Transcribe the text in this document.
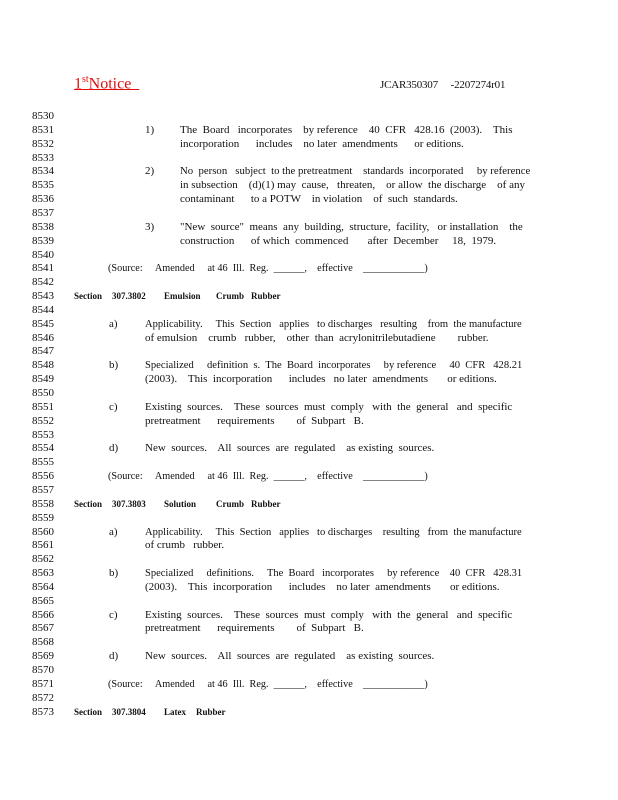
1stNotice	JCAR350307     -2207274r01
8530
8531
8532
8533
8534
8535
8536
8537
8538
8539
8540
8541
8542
8543
8544
8545
8546
8547
8548
8549
8550
8551
8552
8553
8554
8555
8556
8557
8558
8559
8560
8561
8562
8563
8564
8565
8566
8567
8568
8569
8570
8571
8572
8573
1) The  Board   incorporates    by reference    40  CFR   428.16  (2003).    This
incorporation      includes    no later  amendments      or editions.
2) No  person   subject  to the pretreatment    standards  incorporated     by reference
in subsection    (d)(1) may  cause,   threaten,    or allow  the discharge    of any
contaminant      to a POTW    in violation    of  such  standards.
3) "New  source"  means  any  building,  structure,  facility,   or installation    the
construction      of which  commenced       after  December     18,  1979.
(Source:     Amended     at 46  Ill.  Reg.  ______,    effective    ____________)
Section 307.3802 Emulsion Crumb Rubber
a) Applicability.     This  Section   applies   to discharges   resulting    from  the manufacture
of emulsion    crumb   rubber,    other  than  acrylonitrilebutadiene        rubber.
b) Specialized     definition  s.  The  Board  incorporates     by reference     40  CFR   428.21
(2003).    This  incorporation      includes   no later  amendments       or editions.
c) Existing  sources.    These  sources  must  comply   with  the  general   and  specific
pretreatment      requirements        of  Subpart   B.
d) New  sources.    All  sources  are  regulated    as existing  sources.
(Source:     Amended     at 46  Ill.  Reg.  ______,    effective    ____________)
Section 307.3803 Solution Crumb Rubber
a) Applicability.     This  Section   applies   to discharges    resulting   from  the manufacture
of crumb   rubber.
b) Specialized     definitions.     The  Board   incorporates     by reference    40  CFR   428.31
(2003).    This  incorporation      includes    no later  amendments       or editions.
c) Existing  sources.    These  sources  must  comply   with  the  general   and  specific
pretreatment      requirements        of  Subpart   B.
d) New  sources.    All  sources  are  regulated    as existing  sources.
(Source:     Amended     at 46  Ill.  Reg.  ______,    effective    ____________)
Section 307.3804 Latex Rubber
